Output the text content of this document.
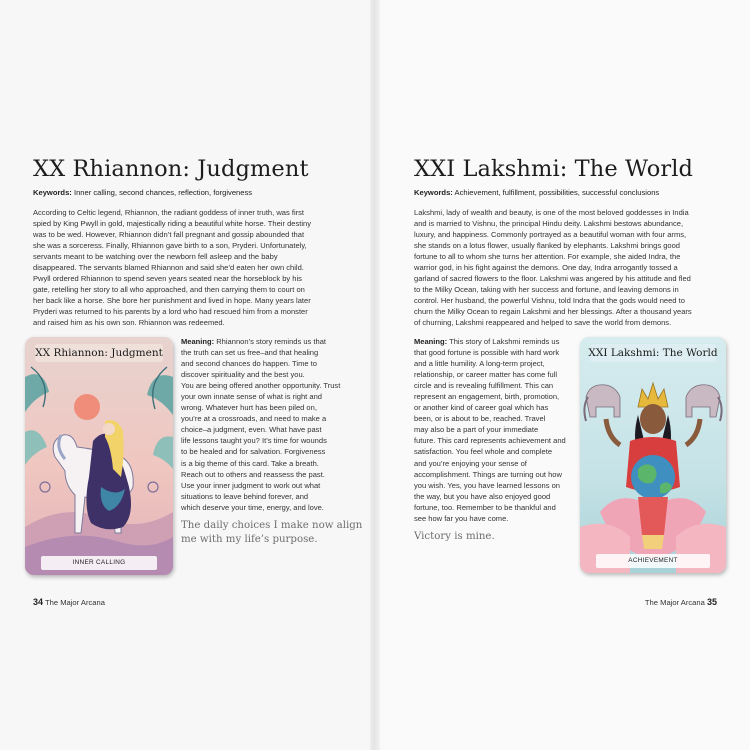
XX Rhiannon: Judgment
Keywords: Inner calling, second chances, reflection, forgiveness
According to Celtic legend, Rhiannon, the radiant goddess of inner truth, was first
spied by King Pwyll in gold, majestically riding a beautiful white horse. Their destiny
was to be wed. However, Rhiannon didn’t fall pregnant and gossip abounded that
she was a sorceress. Finally, Rhiannon gave birth to a son, Pryderi. Unfortunately,
servants meant to be watching over the newborn fell asleep and the baby
disappeared. The servants blamed Rhiannon and said she’d eaten her own child.
Pwyll ordered Rhiannon to spend seven years seated near the horseblock by his
gate, retelling her story to all who approached, and then carrying them to court on
her back like a horse. She bore her punishment and lived in hope. Many years later
Pryderi was returned to his parents by a lord who had rescued him from a monster
and raised him as his own son. Rhiannon was redeemed.
XX Rhiannon: Judgment
INNER CALLING
Meaning: Rhiannon’s story reminds us that
the truth can set us free–and that healing
and second chances do happen. Time to
discover spirituality and the best you.
You are being offered another opportunity. Trust
your own innate sense of what is right and
wrong. Whatever hurt has been piled on,
you’re at a crossroads, and need to make a
choice–a judgment, even. What have past
life lessons taught you? It’s time for wounds
to be healed and for salvation. Forgiveness
is a big theme of this card. Take a breath.
Reach out to others and reassess the past.
Use your inner judgment to work out what
situations to leave behind forever, and
which deserve your time, energy, and love.
The daily choices I make now align
me with my life’s purpose.
34 The Major Arcana
XXI Lakshmi: The World
Keywords: Achievement, fulfillment, possibilities, successful conclusions
Lakshmi, lady of wealth and beauty, is one of the most beloved goddesses in India
and is married to Vishnu, the principal Hindu deity. Lakshmi bestows abundance,
luxury, and happiness. Commonly portrayed as a beautiful woman with four arms,
she stands on a lotus flower, usually flanked by elephants. Lakshmi brings good
fortune to all to whom she turns her attention. For example, she aided Indra, the
warrior god, in his fight against the demons. One day, Indra arrogantly tossed a
garland of sacred flowers to the floor. Lakshmi was angered by his attitude and fled
to the Milky Ocean, taking with her success and fortune, and leaving demons in
control. Her husband, the powerful Vishnu, told Indra that the gods would need to
churn the Milky Ocean to regain Lakshmi and her blessings. After a thousand years
of churning, Lakshmi reappeared and helped to save the world from demons.
Meaning: This story of Lakshmi reminds us
that good fortune is possible with hard work
and a little humility. A long-term project,
relationship, or career matter has come full
circle and is revealing fulfillment. This can
represent an engagement, birth, promotion,
or another kind of career goal which has
been, or is about to be, reached. Travel
may also be a part of your immediate
future. This card represents achievement and
satisfaction. You feel whole and complete
and you’re enjoying your sense of
accomplishment. Things are turning out how
you wish. Yes, you have learned lessons on
the way, but you have also enjoyed good
fortune, too. Remember to be thankful and
see how far you have come.
Victory is mine.
XXI Lakshmi: The World
ACHIEVEMENT
The Major Arcana 35
